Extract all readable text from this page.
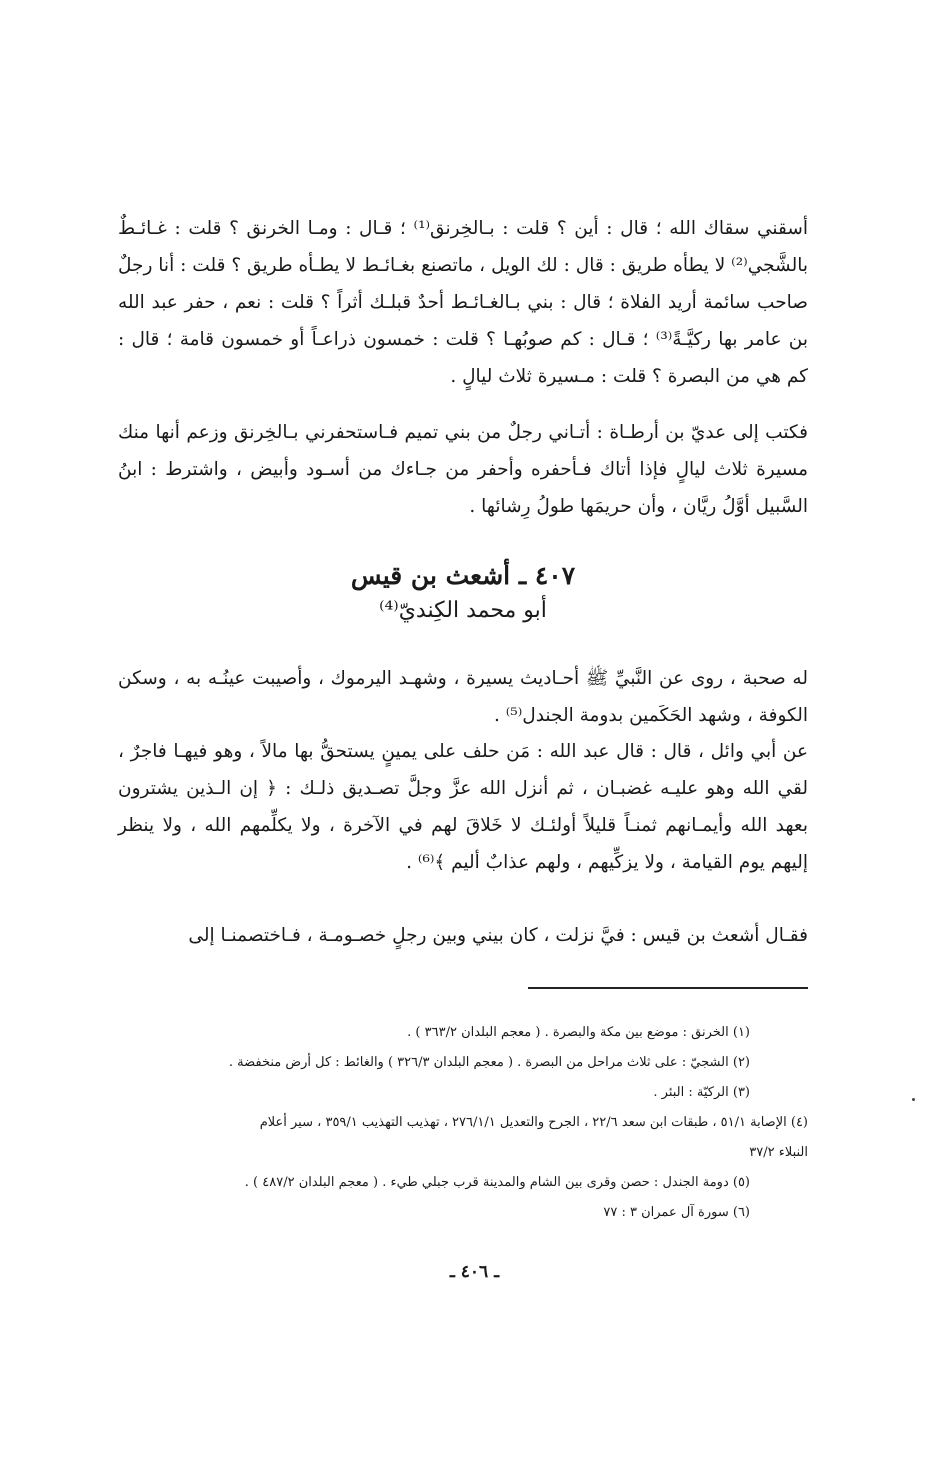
أسقني سقاك الله ؛ قال : أين ؟ قلت : بـالخِرنق⁽¹⁾ ؛ قـال : ومـا الخرنق ؟ قلت : غـائـطٌ بالشَّجي⁽²⁾ لا يطأه طريق : قال : لك الويل ، ماتصنع بغـائـط لا يطـأه طريق ؟ قلت : أنا رجلٌ صاحب سائمة أريد الفلاة ؛ قال : بني بـالغـائـط أحدٌ قبلـك أثراً ؟ قلت : نعم ، حفر عبد الله بن عامر بها ركيَّـةً⁽³⁾ ؛ قـال : كم صوبُهـا ؟ قلت : خمسون ذراعـاً أو خمسون قامة ؛ قال : كم هي من البصرة ؟ قلت : مـسيرة ثلاث ليالٍ .

فكتب إلى عديّ بن أرطـاة : أتـاني رجلٌ من بني تميم فـاستحفرني بـالخِرنق وزعم أنها منك مسيرة ثلاث ليالٍ فإذا أتاك فـأحفره وأحفر من جـاءك من أسـود وأبيض ، واشترط : ابنُ السَّبيل أوَّلُ ريَّان ، وأن حريمَها طولُ رِشائها .

٤٠٧ ـ أشعث بن قيس
أبو محمد الكِنديّ⁽⁴⁾

له صحبة ، روى عن النَّبيِّ ﷺ أحـاديث يسيرة ، وشهـد اليرموك ، وأصيبت عينُـه به ، وسكن الكوفة ، وشهد الحَكَمين بدومة الجندل⁽⁵⁾ .

عن أبي وائل ، قال : قال عبد الله : مَن حلف على يمينٍ يستحقُّ بها مالاً ، وهو فيهـا فاجرٌ ، لقي الله وهو عليـه غضبـان ، ثم أنزل الله عزَّ وجلَّ تصـديق ذلـك : ﴿ إن الـذين يشترون بعهد الله وأيمـانهم ثمنـاً قليلاً أولئـك لا خَلاقَ لهم في الآخرة ، ولا يكلِّمهم الله ، ولا ينظر إليهم يوم القيامة ، ولا يزكِّيهم ، ولهم عذابٌ أليم ﴾⁽⁶⁾ .

فقـال أشعث بن قيس : فيَّ نزلت ، كان بيني وبين رجلٍ خصـومـة ، فـاختصمنـا إلى

(١) الخرنق : موضع بين مكة والبصرة . ( معجم البلدان ٣٦٣/٢ ) .

(٢) الشجيّ : على ثلاث مراحل من البصرة . ( معجم البلدان ٣٢٦/٣ ) والغائط : كل أرض منخفضة .

(٣) الركيّة : البئر .

(٤) الإصابة ٥١/١ ، طبقات ابن سعد ٢٢/٦ ، الجرح والتعديل ٢٧٦/١/١ ، تهذيب التهذيب ٣٥٩/١ ، سير أعلام

النبلاء ٣٧/٢

(٥) دومة الجندل : حصن وقرى بين الشام والمدينة قرب جبلي طيء . ( معجم البلدان ٤٨٧/٢ ) .

(٦) سورة آل عمران ٣ : ٧٧

ـ ٤٠٦ ـ
